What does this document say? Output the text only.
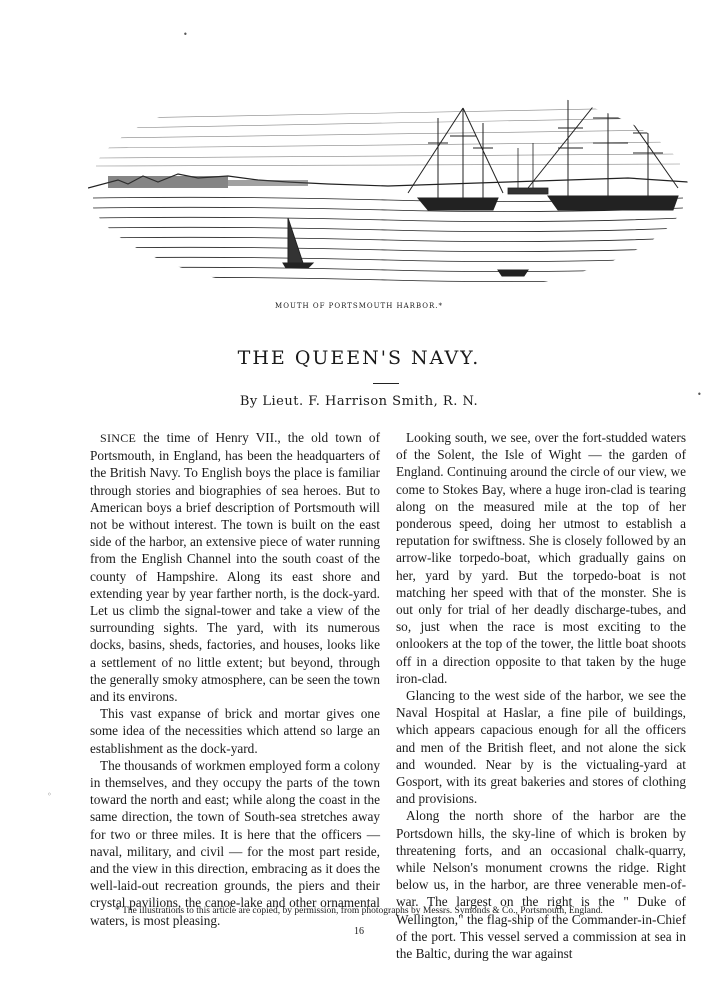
•
•
◦
MOUTH OF PORTSMOUTH HARBOR.*
THE QUEEN'S NAVY.
By Lieut. F. Harrison Smith, R. N.

SINCE the time of Henry VII., the old town of Portsmouth, in England, has been the headquarters of the British Navy. To English boys the place is familiar through stories and biographies of sea heroes. But to American boys a brief description of Portsmouth will not be without interest. The town is built on the east side of the harbor, an extensive piece of water running from the English Channel into the south coast of the county of Hampshire. Along its east shore and extending year by year farther north, is the dock-yard. Let us climb the signal-tower and take a view of the surrounding sights. The yard, with its numerous docks, basins, sheds, factories, and houses, looks like a settlement of no little extent; but beyond, through the generally smoky atmosphere, can be seen the town and its environs.

This vast expanse of brick and mortar gives one some idea of the necessities which attend so large an establishment as the dock-yard.

The thousands of workmen employed form a colony in themselves, and they occupy the parts of the town toward the north and east; while along the coast in the same direction, the town of South-sea stretches away for two or three miles. It is here that the officers — naval, military, and civil — for the most part reside, and the view in this direction, embracing as it does the well-laid-out recreation grounds, the piers and their crystal pavilions, the canoe-lake and other ornamental waters, is most pleasing.

Looking south, we see, over the fort-studded waters of the Solent, the Isle of Wight — the garden of England. Continuing around the circle of our view, we come to Stokes Bay, where a huge iron-clad is tearing along on the measured mile at the top of her ponderous speed, doing her utmost to establish a reputation for swiftness. She is closely followed by an arrow-like torpedo-boat, which gradually gains on her, yard by yard. But the torpedo-boat is not matching her speed with that of the monster. She is out only for trial of her deadly discharge-tubes, and so, just when the race is most exciting to the onlookers at the top of the tower, the little boat shoots off in a direction opposite to that taken by the huge iron-clad.

Glancing to the west side of the harbor, we see the Naval Hospital at Haslar, a fine pile of buildings, which appears capacious enough for all the officers and men of the British fleet, and not alone the sick and wounded. Near by is the victualing-yard at Gosport, with its great bakeries and stores of clothing and provisions.

Along the north shore of the harbor are the Portsdown hills, the sky-line of which is broken by threatening forts, and an occasional chalk-quarry, while Nelson's monument crowns the ridge. Right below us, in the harbor, are three venerable men-of-war. The largest on the right is the " Duke of Wellington," the flag-ship of the Commander-in-Chief of the port. This vessel served a commission at sea in the Baltic, during the war against

* The illustrations to this article are copied, by permission, from photographs by Messrs. Symonds & Co., Portsmouth, England.
16
